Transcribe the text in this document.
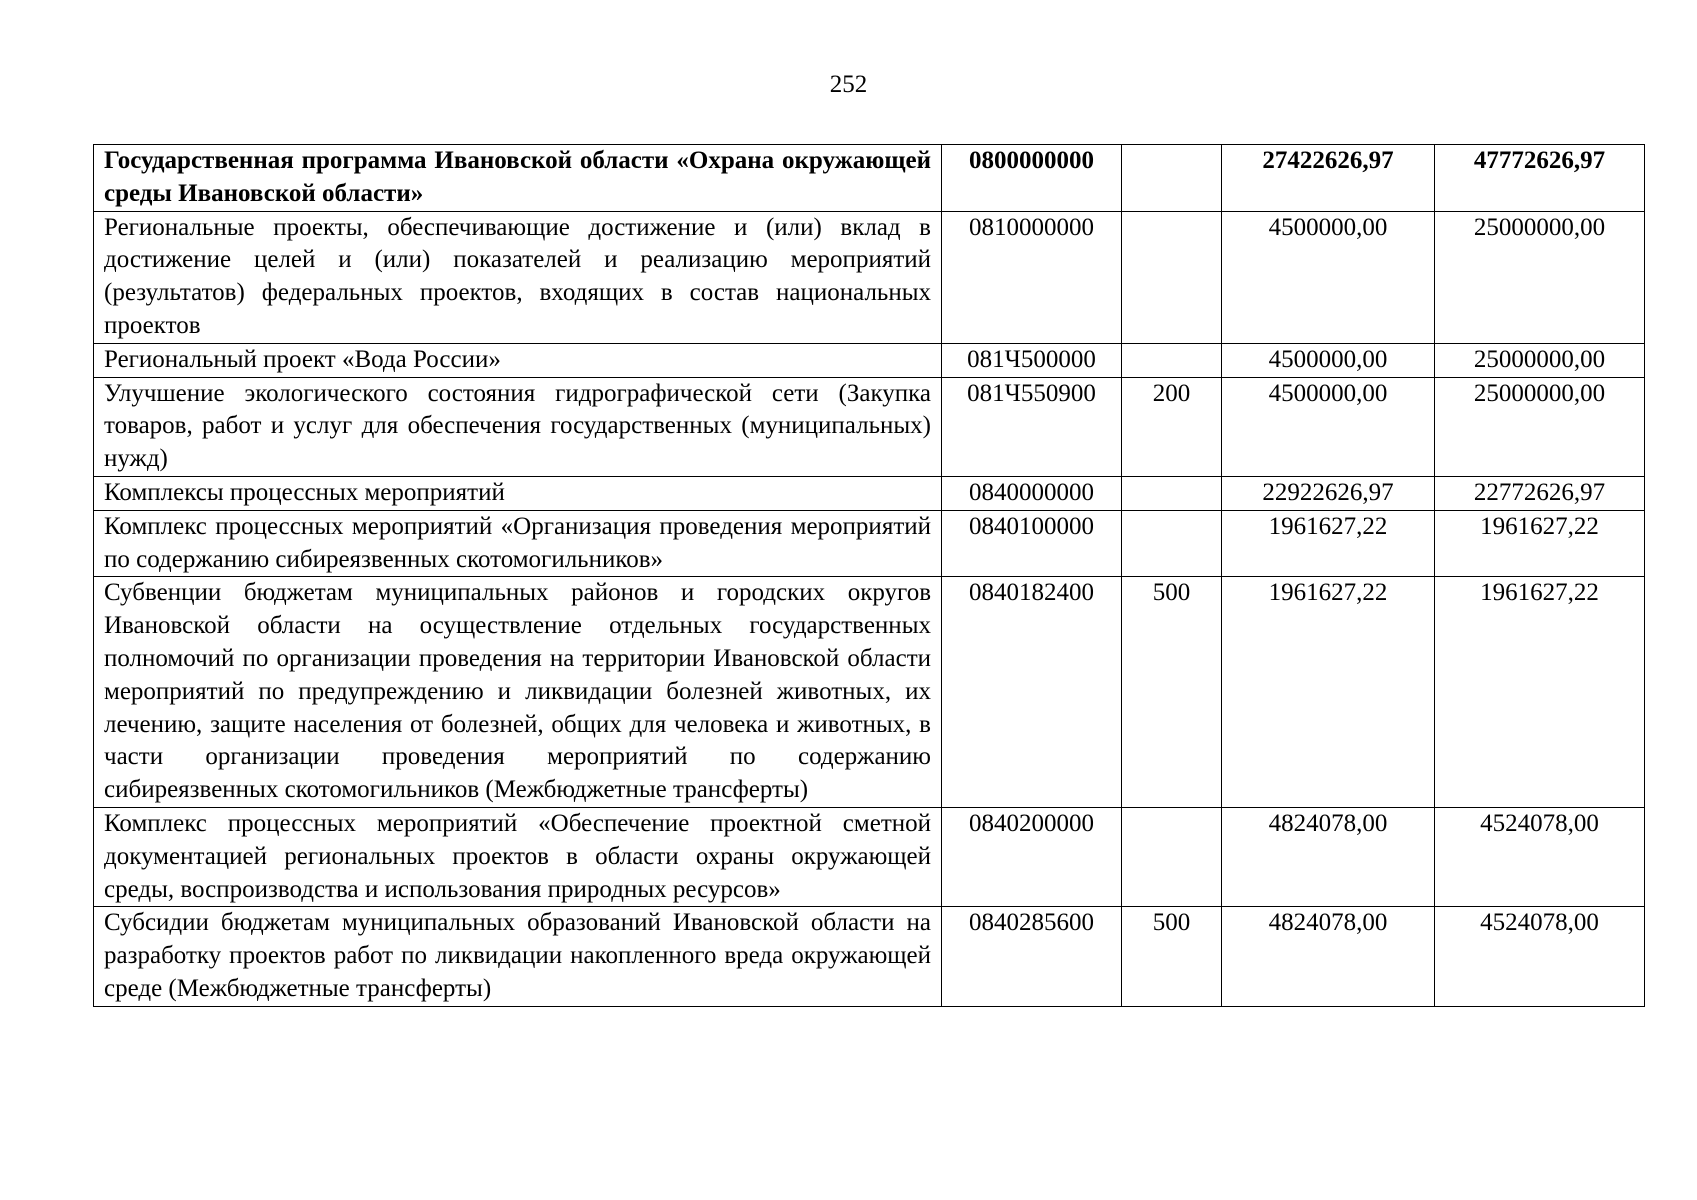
252
Государственная программа Ивановской области «Охрана окружающей среды Ивановской области»	0800000000		27422626,97	47772626,97
Региональные проекты, обеспечивающие достижение и (или) вклад в достижение целей и (или) показателей и реализацию мероприятий (результатов) федеральных проектов, входящих в состав национальных проектов	0810000000		4500000,00	25000000,00
Региональный проект «Вода России»	081Ч500000		4500000,00	25000000,00
Улучшение экологического состояния гидрографической сети (Закупка товаров, работ и услуг для обеспечения государственных (муниципальных) нужд)	081Ч550900	200	4500000,00	25000000,00
Комплексы процессных мероприятий	0840000000		22922626,97	22772626,97
Комплекс процессных мероприятий «Организация проведения мероприятий по содержанию сибиреязвенных скотомогильников»	0840100000		1961627,22	1961627,22
Субвенции бюджетам муниципальных районов и городских округов Ивановской области на осуществление отдельных государственных полномочий по организации проведения на территории Ивановской области мероприятий по предупреждению и ликвидации болезней животных, их лечению, защите населения от болезней, общих для человека и животных, в части организации проведения мероприятий по содержанию сибиреязвенных скотомогильников (Межбюджетные трансферты)	0840182400	500	1961627,22	1961627,22
Комплекс процессных мероприятий «Обеспечение проектной сметной документацией региональных проектов в области охраны окружающей среды, воспроизводства и использования природных ресурсов»	0840200000		4824078,00	4524078,00
Субсидии бюджетам муниципальных образований Ивановской области на разработку проектов работ по ликвидации накопленного вреда окружающей среде (Межбюджетные трансферты)	0840285600	500	4824078,00	4524078,00
